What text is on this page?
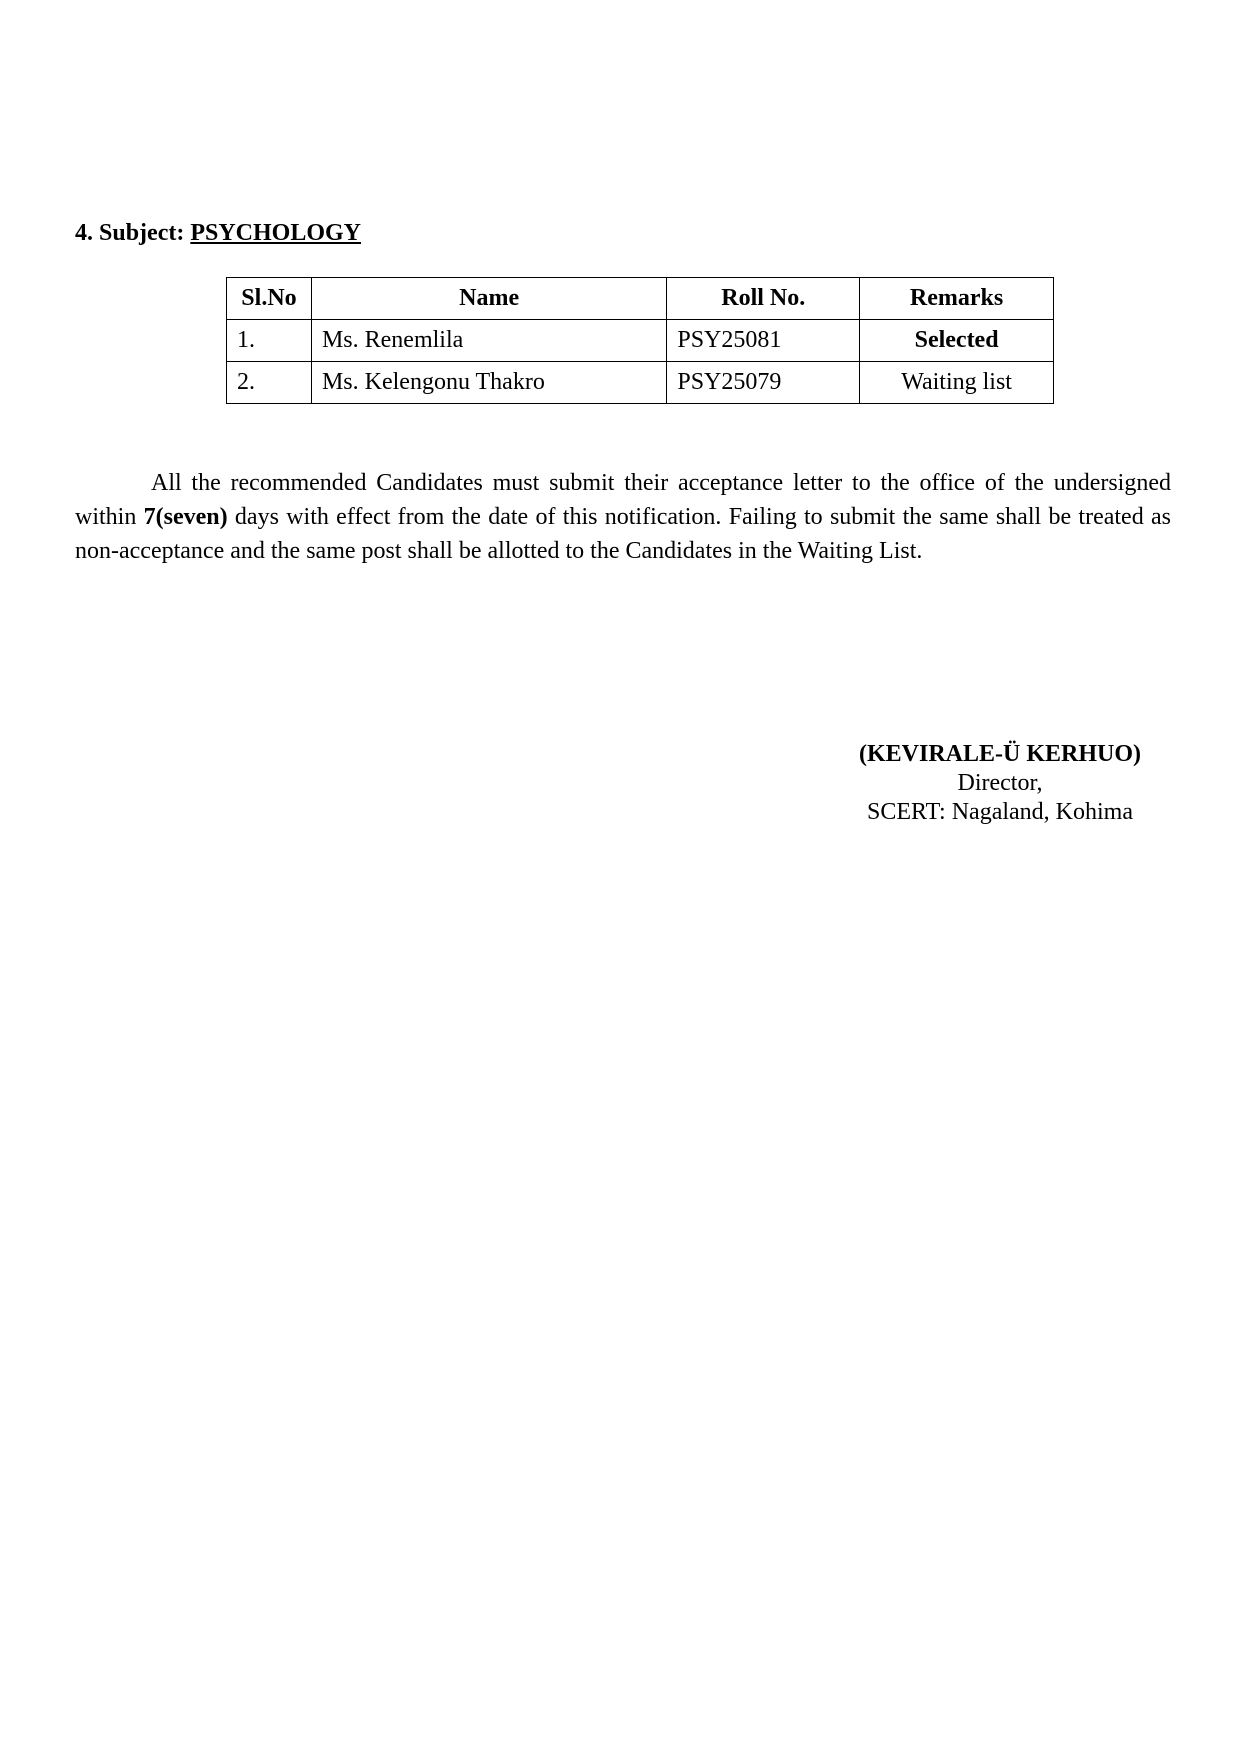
4. Subject: PSYCHOLOGY
Sl.No	Name	Roll No.	Remarks
1.	Ms. Renemlila	PSY25081	Selected
2.	Ms. Kelengonu Thakro	PSY25079	Waiting list

All the recommended Candidates must submit their acceptance letter to the office of the undersigned within 7(seven) days with effect from the date of this notification. Failing to submit the same shall be treated as non-acceptance and the same post shall be allotted to the Candidates in the Waiting List.

(KEVIRALE-Ü KERHUO)
Director,
SCERT: Nagaland, Kohima
